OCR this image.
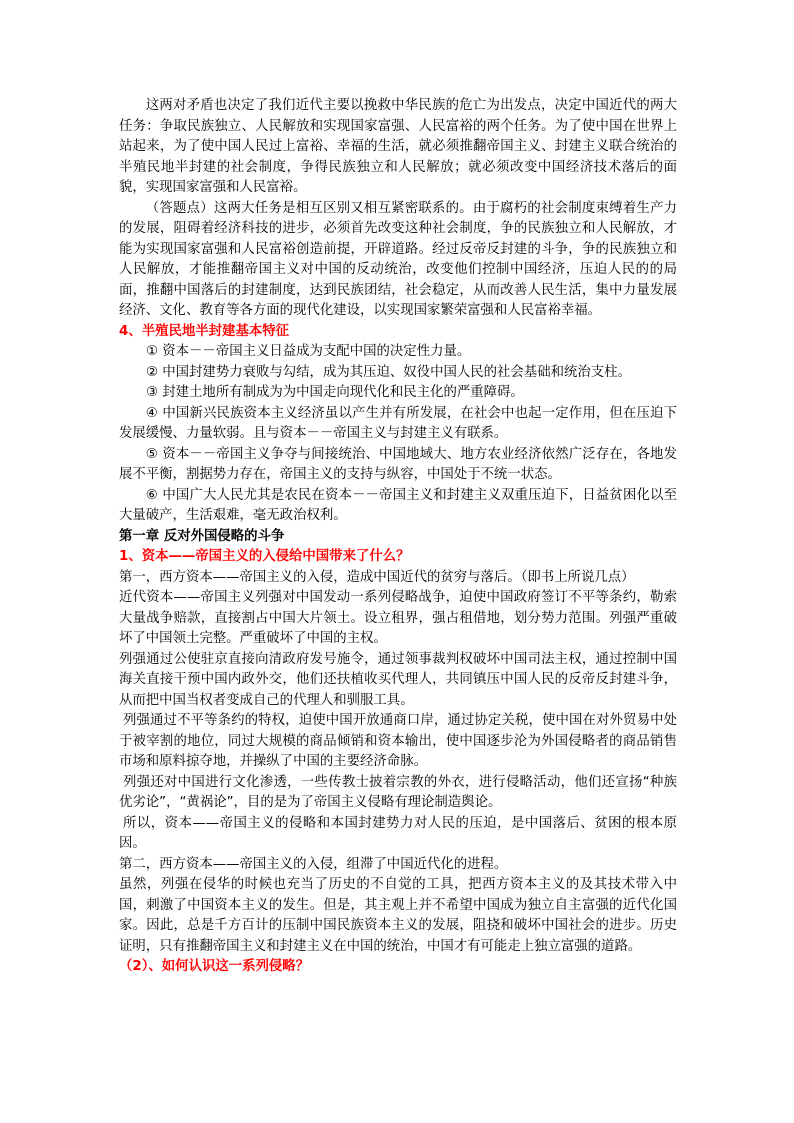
这两对矛盾也决定了我们近代主要以挽救中华民族的危亡为出发点，决定中国近代的两大任务：争取民族独立、人民解放和实现国家富强、人民富裕的两个任务。为了使中国在世界上站起来，为了使中国人民过上富裕、幸福的生活，就必须推翻帝国主义、封建主义联合统治的半殖民地半封建的社会制度，争得民族独立和人民解放；就必须改变中国经济技术落后的面貌，实现国家富强和人民富裕。

（答题点）这两大任务是相互区别又相互紧密联系的。由于腐朽的社会制度束缚着生产力的发展，阻碍着经济科技的进步，必须首先改变这种社会制度，争的民族独立和人民解放，才能为实现国家富强和人民富裕创造前提，开辟道路。经过反帝反封建的斗争，争的民族独立和人民解放，才能推翻帝国主义对中国的反动统治，改变他们控制中国经济，压迫人民的的局面，推翻中国落后的封建制度，达到民族团结，社会稳定，从而改善人民生活，集中力量发展经济、文化、教育等各方面的现代化建设，以实现国家繁荣富强和人民富裕幸福。

4、半殖民地半封建基本特征

① 资本－－帝国主义日益成为支配中国的决定性力量。

② 中国封建势力衰败与勾结，成为其压迫、奴役中国人民的社会基础和统治支柱。

③ 封建土地所有制成为为中国走向现代化和民主化的严重障碍。

④ 中国新兴民族资本主义经济虽以产生并有所发展，在社会中也起一定作用，但在压迫下发展缓慢、力量软弱。且与资本－－帝国主义与封建主义有联系。

⑤ 资本－－帝国主义争夺与间接统治、中国地域大、地方农业经济依然广泛存在，各地发展不平衡，割据势力存在，帝国主义的支持与纵容，中国处于不统一状态。

⑥ 中国广大人民尤其是农民在资本－－帝国主义和封建主义双重压迫下，日益贫困化以至大量破产，生活艰难，毫无政治权利。

第一章 反对外国侵略的斗争

1、资本——帝国主义的入侵给中国带来了什么？

第一，西方资本——帝国主义的入侵，造成中国近代的贫穷与落后。（即书上所说几点）

近代资本——帝国主义列强对中国发动一系列侵略战争，迫使中国政府签订不平等条约，勒索大量战争赔款，直接割占中国大片领土。设立租界，强占租借地，划分势力范围。列强严重破坏了中国领土完整。严重破坏了中国的主权。

列强通过公使驻京直接向清政府发号施令，通过领事裁判权破坏中国司法主权，通过控制中国海关直接干预中国内政外交，他们还扶植收买代理人，共同镇压中国人民的反帝反封建斗争，从而把中国当权者变成自己的代理人和驯服工具。

列强通过不平等条约的特权，迫使中国开放通商口岸，通过协定关税，使中国在对外贸易中处于被宰割的地位，同过大规模的商品倾销和资本输出，使中国逐步沦为外国侵略者的商品销售市场和原料掠夺地，并操纵了中国的主要经济命脉。

列强还对中国进行文化渗透，一些传教士披着宗教的外衣，进行侵略活动，他们还宣扬“种族优劣论”，“黄祸论”，目的是为了帝国主义侵略有理论制造舆论。

所以，资本——帝国主义的侵略和本国封建势力对人民的压迫，是中国落后、贫困的根本原因。

第二，西方资本——帝国主义的入侵，组滞了中国近代化的进程。

虽然，列强在侵华的时候也充当了历史的不自觉的工具，把西方资本主义的及其技术带入中国，刺激了中国资本主义的发生。但是，其主观上并不希望中国成为独立自主富强的近代化国家。因此，总是千方百计的压制中国民族资本主义的发展，阻挠和破坏中国社会的进步。历史证明，只有推翻帝国主义和封建主义在中国的统治，中国才有可能走上独立富强的道路。

（2）、如何认识这一系列侵略？
